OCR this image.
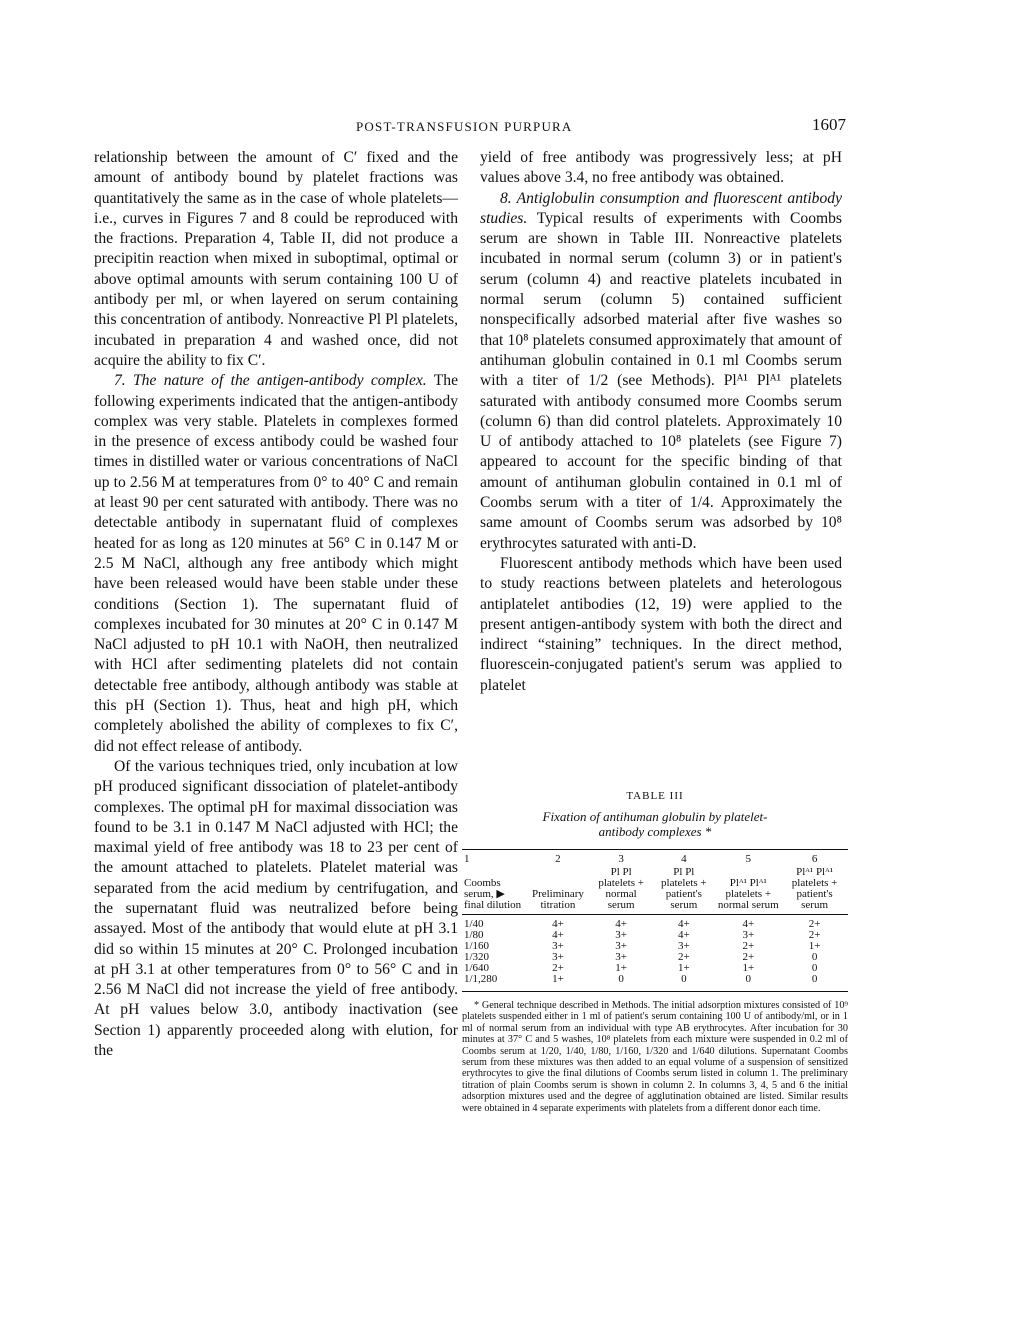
POST-TRANSFUSION PURPURA	1607

relationship between the amount of C′ fixed and the amount of antibody bound by platelet fractions was quantitatively the same as in the case of whole platelets—i.e., curves in Figures 7 and 8 could be reproduced with the fractions. Preparation 4, Table II, did not produce a precipitin reaction when mixed in suboptimal, optimal or above optimal amounts with serum containing 100 U of antibody per ml, or when layered on serum containing this concentration of antibody. Nonreactive Pl Pl platelets, incubated in preparation 4 and washed once, did not acquire the ability to fix C′.

7. The nature of the antigen-antibody complex. The following experiments indicated that the antigen-antibody complex was very stable. Platelets in complexes formed in the presence of excess antibody could be washed four times in distilled water or various concentrations of NaCl up to 2.56 M at temperatures from 0° to 40° C and remain at least 90 per cent saturated with antibody. There was no detectable antibody in supernatant fluid of complexes heated for as long as 120 minutes at 56° C in 0.147 M or 2.5 M NaCl, although any free antibody which might have been released would have been stable under these conditions (Section 1). The supernatant fluid of complexes incubated for 30 minutes at 20° C in 0.147 M NaCl adjusted to pH 10.1 with NaOH, then neutralized with HCl after sedimenting platelets did not contain detectable free antibody, although antibody was stable at this pH (Section 1). Thus, heat and high pH, which completely abolished the ability of complexes to fix C′, did not effect release of antibody.

Of the various techniques tried, only incubation at low pH produced significant dissociation of platelet-antibody complexes. The optimal pH for maximal dissociation was found to be 3.1 in 0.147 M NaCl adjusted with HCl; the maximal yield of free antibody was 18 to 23 per cent of the amount attached to platelets. Platelet material was separated from the acid medium by centrifugation, and the supernatant fluid was neutralized before being assayed. Most of the antibody that would elute at pH 3.1 did so within 15 minutes at 20° C. Prolonged incubation at pH 3.1 at other temperatures from 0° to 56° C and in 2.56 M NaCl did not increase the yield of free antibody. At pH values below 3.0, antibody inactivation (see Section 1) apparently proceeded along with elution, for the

yield of free antibody was progressively less; at pH values above 3.4, no free antibody was obtained.

8. Antiglobulin consumption and fluorescent antibody studies. Typical results of experiments with Coombs serum are shown in Table III. Nonreactive platelets incubated in normal serum (column 3) or in patient's serum (column 4) and reactive platelets incubated in normal serum (column 5) contained sufficient nonspecifically adsorbed material after five washes so that 10⁸ platelets consumed approximately that amount of antihuman globulin contained in 0.1 ml Coombs serum with a titer of 1/2 (see Methods). Plᴬ¹ Plᴬ¹ platelets saturated with antibody consumed more Coombs serum (column 6) than did control platelets. Approximately 10 U of antibody attached to 10⁸ platelets (see Figure 7) appeared to account for the specific binding of that amount of antihuman globulin contained in 0.1 ml of Coombs serum with a titer of 1/4. Approximately the same amount of Coombs serum was adsorbed by 10⁸ erythrocytes saturated with anti-D.

Fluorescent antibody methods which have been used to study reactions between platelets and heterologous antiplatelet antibodies (12, 19) were applied to the present antigen-antibody system with both the direct and indirect “staining” techniques. In the direct method, fluorescein-conjugated patient's serum was applied to platelet

TABLE III
Fixation of antihuman globulin by platelet-antibody complexes *
1	2	3	4	5	6
Coombs serum, ▶ final dilution	Preliminary titration	Pl Pl platelets + normal serum	Pl Pl platelets + patient's serum	Plᴬ¹ Plᴬ¹ platelets + normal serum	Plᴬ¹ Plᴬ¹ platelets + patient's serum
1/40	4+	4+	4+	4+	2+
1/80	4+	3+	4+	3+	2+
1/160	3+	3+	3+	2+	1+
1/320	3+	3+	2+	2+	0
1/640	2+	1+	1+	1+	0
1/1,280	1+	0	0	0	0
* General technique described in Methods. The initial adsorption mixtures consisted of 10⁹ platelets suspended either in 1 ml of patient's serum containing 100 U of antibody/ml, or in 1 ml of normal serum from an individual with type AB erythrocytes. After incubation for 30 minutes at 37° C and 5 washes, 10⁸ platelets from each mixture were suspended in 0.2 ml of Coombs serum at 1/20, 1/40, 1/80, 1/160, 1/320 and 1/640 dilutions. Supernatant Coombs serum from these mixtures was then added to an equal volume of a suspension of sensitized erythrocytes to give the final dilutions of Coombs serum listed in column 1. The preliminary titration of plain Coombs serum is shown in column 2. In columns 3, 4, 5 and 6 the initial adsorption mixtures used and the degree of agglutination obtained are listed. Similar results were obtained in 4 separate experiments with platelets from a different donor each time.
